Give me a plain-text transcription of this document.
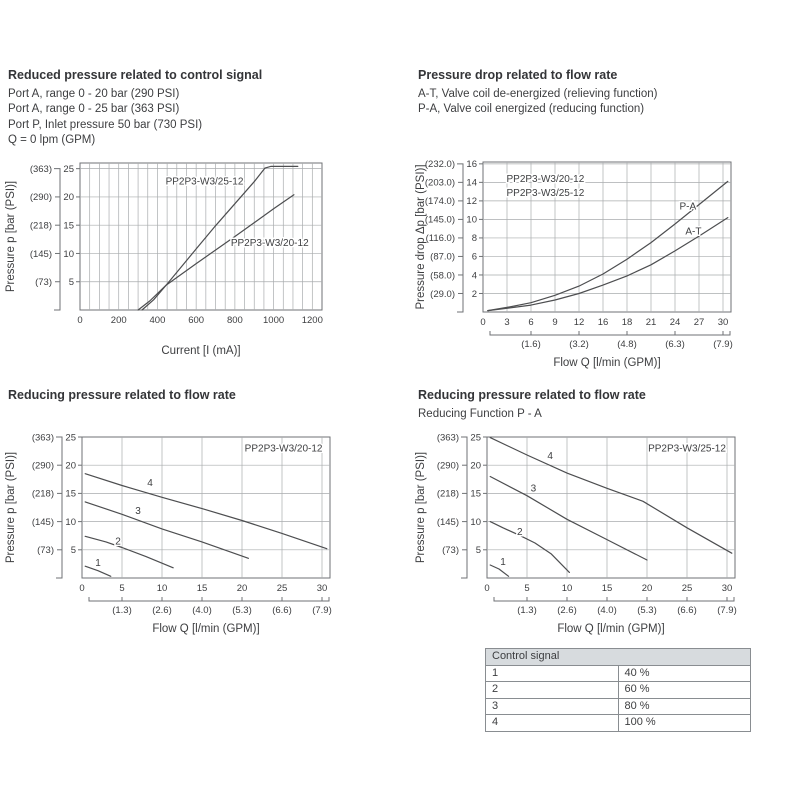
Reduced pressure related to control signal
Port A, range 0 - 20 bar (290 PSI)
Port A, range 0 - 25 bar (363 PSI)
Port P, Inlet pressure 50 bar (730 PSI)
Q = 0 lpm (GPM)
(73) 5
(145) 10
(218) 15
(290) 20
(363) 25
0	200 400 600 800 1000 1200
Current [I (mA)]
Pressure p [bar (PSI)]	PP2P3-W3/25-12
PP2P3-W3/20-12
Pressure drop related to flow rate
A-T, Valve coil de-energized (relieving function)
P-A, Valve coil energized (reducing function)
(29.0) 2
(58.0) 4
(87.0) 6
(116.0) 8
(145.0) 10
(174.0) 12
(203.0) 14
(232.0) 16
0 3 6 9 12 16 18 21 24 27 30
(1.6)	(3.2)	(4.8)	(6.3)	(7.9)
Flow Q [l/min (GPM)]
Pressure drop Δp [bar (PSI)]	PP2P3-W3/20-12
PP2P3-W3/25-12
P-A
A-T
Reducing pressure related to flow rate
(73) 5
(145) 10
(218) 15
(290) 20
(363) 25
0	5	10	15	20	25	30
(1.3) (2.6) (4.0) (5.3) (6.6) (7.9)
Flow Q [l/min (GPM)]
Pressure p [bar (PSI)]
PP2P3-W3/20-12
4
3
2
1
Reducing pressure related to flow rate
Reducing Function P - A
(73) 5
(145) 10
(218) 15
(290) 20
(363) 25
0	5	10	15	20	25	30
(1.3) (2.6) (4.0) (5.3) (6.6) (7.9)
Flow Q [l/min (GPM)]
Pressure p [bar (PSI)]
PP2P3-W3/25-12
4
3
2
1
Control signal	
1	40 %
2	60 %
3	80 %
4	100 %
